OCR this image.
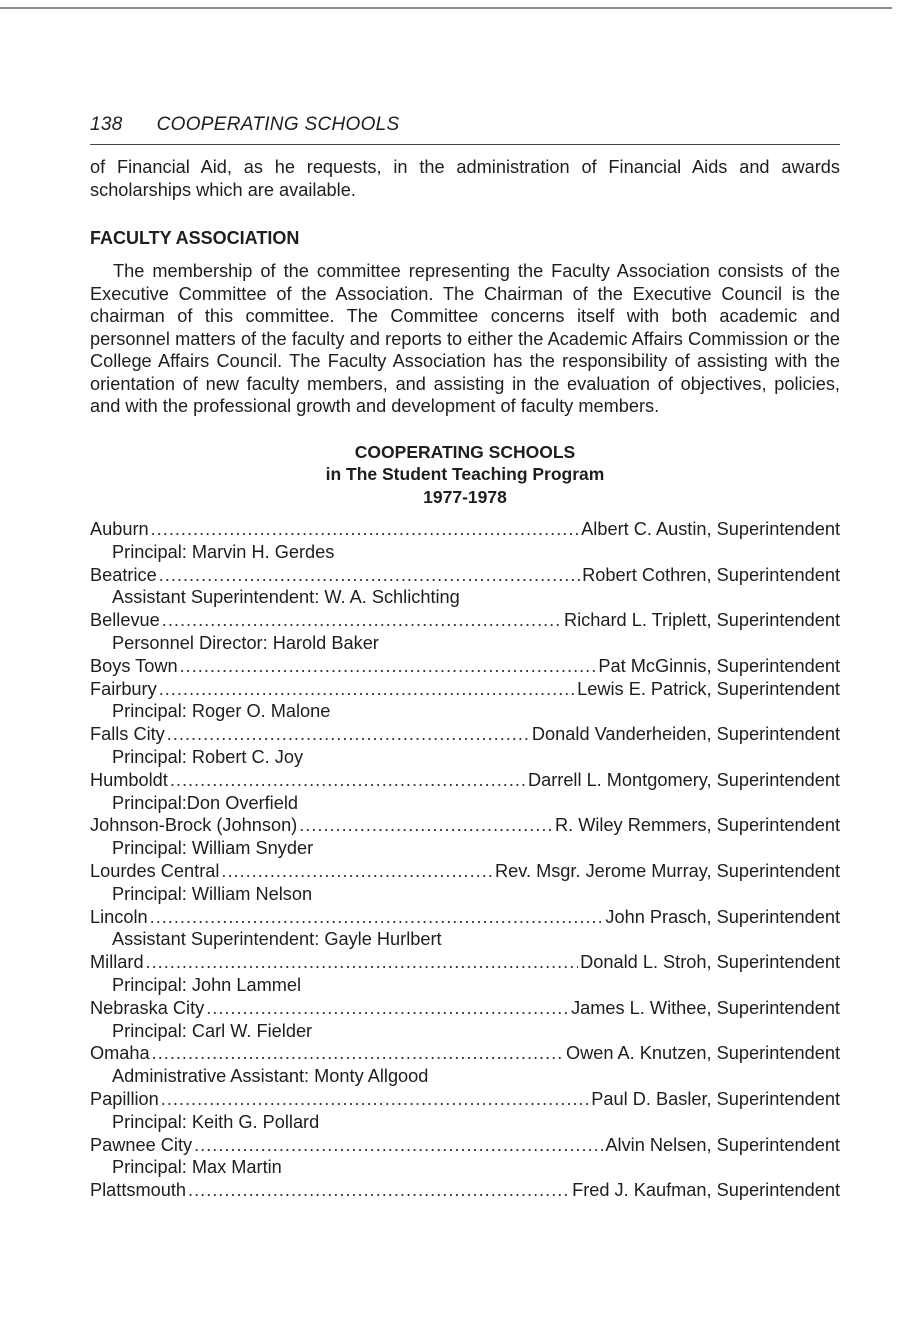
138 COOPERATING SCHOOLS

of Financial Aid, as he requests, in the administration of Financial Aids and awards scholarships which are available.

FACULTY ASSOCIATION

The membership of the committee representing the Faculty Association consists of the Executive Committee of the Association. The Chairman of the Executive Council is the chairman of this committee. The Committee concerns itself with both academic and personnel matters of the faculty and reports to either the Academic Affairs Commission or the College Affairs Council. The Faculty Association has the responsibility of assisting with the orientation of new faculty members, and assisting in the evaluation of objectives, policies, and with the professional growth and development of faculty members.

COOPERATING SCHOOLS
in The Student Teaching Program
1977-1978
Auburn .....	Albert C. Austin, Superintendent
Principal: Marvin H. Gerdes
Beatrice .....	Robert Cothren, Superintendent
Assistant Superintendent: W. A. Schlichting
Bellevue .....	Richard L. Triplett, Superintendent
Personnel Director: Harold Baker
Boys Town .....	Pat McGinnis, Superintendent
Fairbury .....	Lewis E. Patrick, Superintendent
Principal: Roger O. Malone
Falls City .....	Donald Vanderheiden, Superintendent
Principal: Robert C. Joy
Humboldt .....	Darrell L. Montgomery, Superintendent
Principal:Don Overfield
Johnson-Brock (Johnson) .....	R. Wiley Remmers, Superintendent
Principal: William Snyder
Lourdes Central .....	Rev. Msgr. Jerome Murray, Superintendent
Principal: William Nelson
Lincoln .....	John Prasch, Superintendent
Assistant Superintendent: Gayle Hurlbert
Millard .....	Donald L. Stroh, Superintendent
Principal: John Lammel
Nebraska City .....	James L. Withee, Superintendent
Principal: Carl W. Fielder
Omaha .....	Owen A. Knutzen, Superintendent
Administrative Assistant: Monty Allgood
Papillion .....	Paul D. Basler, Superintendent
Principal: Keith G. Pollard
Pawnee City .....	Alvin Nelsen, Superintendent
Principal: Max Martin
Plattsmouth .....	Fred J. Kaufman, Superintendent
